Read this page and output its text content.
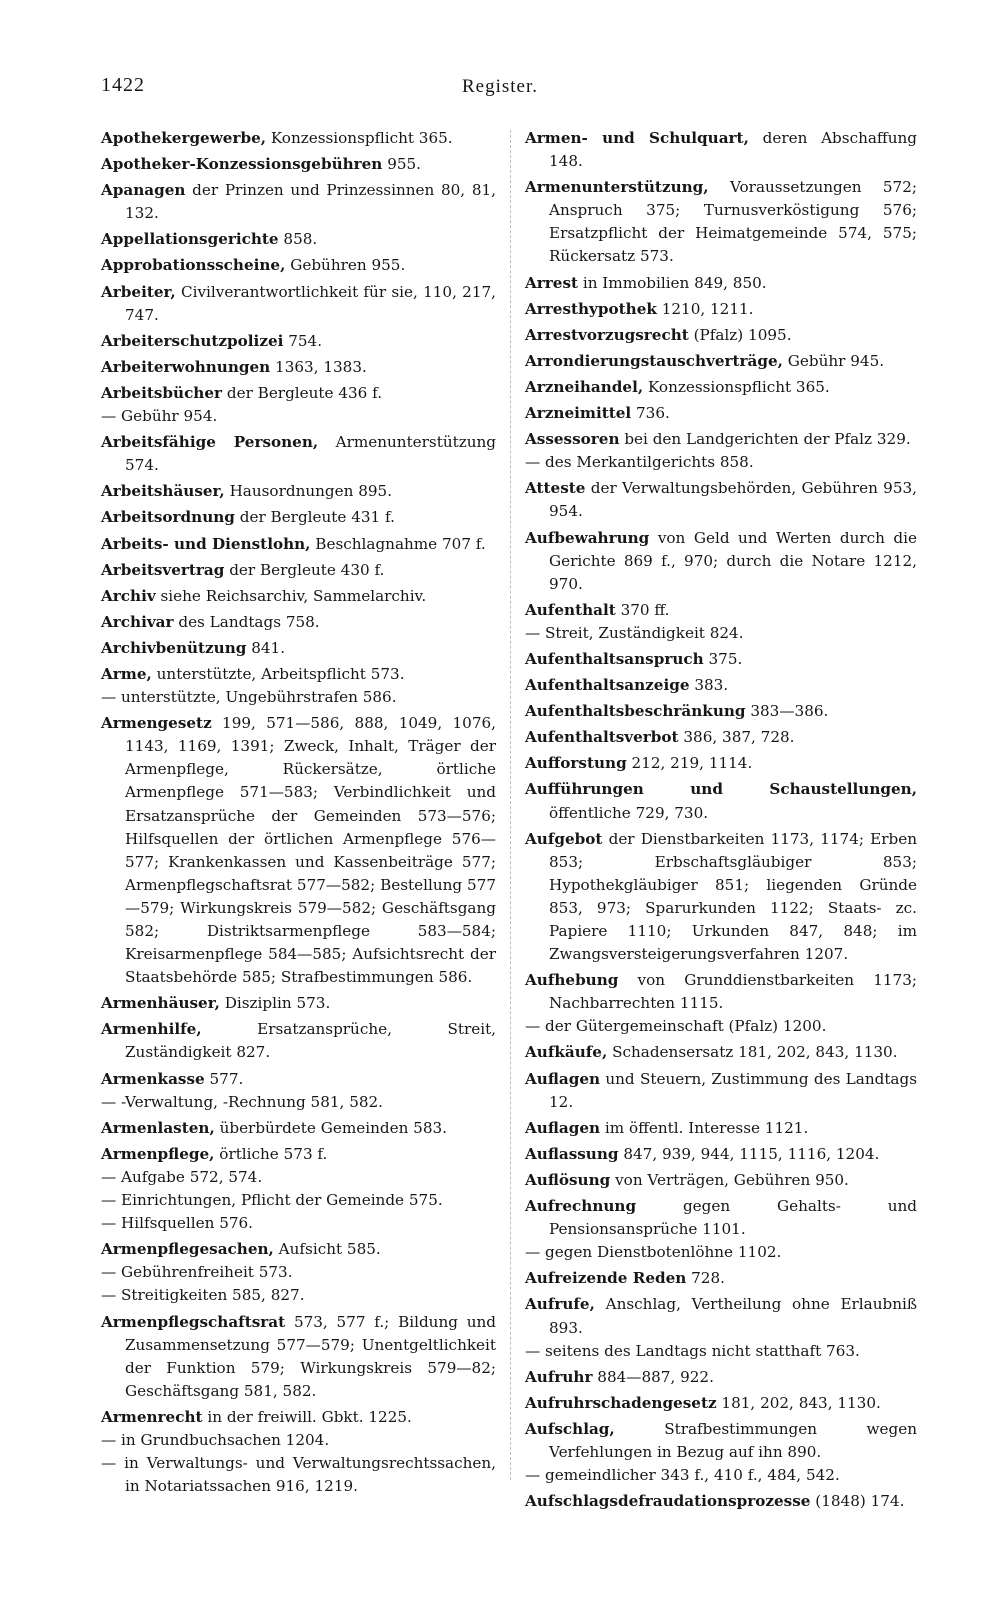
1422	Register.
Apothekergewerbe, Konzessionspflicht 365.
Apotheker-Konzessionsgebühren 955.
Apanagen der Prinzen und Prinzessinnen 80, 81, 132.
Appellationsgerichte 858.
Approbationsscheine, Gebühren 955.
Arbeiter, Civilverantwortlichkeit für sie, 110, 217, 747.
Arbeiterschutzpolizei 754.
Arbeiterwohnungen 1363, 1383.
Arbeitsbücher der Bergleute 436 f.
— Gebühr 954.
Arbeitsfähige Personen, Armenunterstützung 574.
Arbeitshäuser, Hausordnungen 895.
Arbeitsordnung der Bergleute 431 f.
Arbeits- und Dienstlohn, Beschlagnahme 707 f.
Arbeitsvertrag der Bergleute 430 f.
Archiv siehe Reichsarchiv, Sammelarchiv.
Archivar des Landtags 758.
Archivbenützung 841.
Arme, unterstützte, Arbeitspflicht 573.
— unterstützte, Ungebührstrafen 586.
Armengesetz 199, 571—586, 888, 1049, 1076, 1143, 1169, 1391; Zweck, Inhalt, Träger der Armenpflege, Rückersätze, örtliche Armenpflege 571—583; Verbindlichkeit und Ersatzansprüche der Gemeinden 573—576; Hilfsquellen der örtlichen Armenpflege 576—577; Krankenkassen und Kassenbeiträge 577; Armenpflegschaftsrat 577—582; Bestellung 577—579; Wirkungskreis 579—582; Geschäftsgang 582; Distriktsarmenpflege 583—584; Kreisarmenpflege 584—585; Aufsichtsrecht der Staatsbehörde 585; Strafbestimmungen 586.
Armenhäuser, Disziplin 573.
Armenhilfe,	Ersatzansprüche, Streit, Zuständigkeit 827.
Armenkasse 577.
— -Verwaltung, -Rechnung 581, 582.
Armenlasten, überbürdete Gemeinden 583.
Armenpflege, örtliche 573 f.
— Aufgabe 572, 574.
— Einrichtungen, Pflicht der Gemeinde 575.
— Hilfsquellen 576.
Armenpflegesachen, Aufsicht 585.
— Gebührenfreiheit 573.
— Streitigkeiten 585, 827.
Armenpflegschaftsrat 573, 577 f.; Bildung und Zusammensetzung 577—579; Unentgeltlichkeit der Funktion 579; Wirkungskreis 579—82; Geschäftsgang 581, 582.
Armenrecht in der freiwill. Gbkt. 1225.
— in Grundbuchsachen 1204.
— in Verwaltungs- und Verwaltungsrechtssachen, in Notariatssachen 916, 1219.
Armen- und Schulquart, deren Abschaffung 148.
Armenunterstützung, Voraussetzungen 572; Anspruch 375; Turnusverköstigung 576; Ersatzpflicht der Heimatgemeinde 574, 575; Rückersatz 573.
Arrest in Immobilien 849, 850.
Arresthypothek 1210, 1211.
Arrestvorzugsrecht (Pfalz) 1095.
Arrondierungstauschverträge, Gebühr 945.
Arzneihandel, Konzessionspflicht 365.
Arzneimittel 736.
Assessoren bei den Landgerichten der Pfalz 329.
— des Merkantilgerichts 858.
Atteste der Verwaltungsbehörden, Gebühren 953, 954.
Aufbewahrung von Geld und Werten durch die Gerichte 869 f., 970; durch die Notare 1212, 970.
Aufenthalt 370 ff.
— Streit, Zuständigkeit 824.
Aufenthaltsanspruch 375.
Aufenthaltsanzeige 383.
Aufenthaltsbeschränkung 383—386.
Aufenthaltsverbot 386, 387, 728.
Aufforstung 212, 219, 1114.
Aufführungen und Schaustellungen, öffentliche 729, 730.
Aufgebot der Dienstbarkeiten 1173, 1174; Erben 853; Erbschaftsgläubiger 853; Hypothekgläubiger 851; liegenden Gründe 853, 973; Sparurkunden 1122; Staats- zc. Papiere 1110; Urkunden 847, 848; im Zwangsversteigerungsverfahren 1207.
Aufhebung von Grunddienstbarkeiten 1173; Nachbarrechten 1115.
— der Gütergemeinschaft (Pfalz) 1200.
Aufkäufe, Schadensersatz 181, 202, 843, 1130.
Auflagen und Steuern, Zustimmung des Landtags 12.
Auflagen im öffentl. Interesse 1121.
Auflassung 847, 939, 944, 1115, 1116, 1204.
Auflösung von Verträgen, Gebühren 950.
Aufrechnung	gegen Gehalts- und Pensionsansprüche 1101.
— gegen Dienstbotenlöhne 1102.
Aufreizende Reden 728.
Aufrufe, Anschlag, Vertheilung ohne Erlaubniß 893.
— seitens des Landtags nicht statthaft 763.
Aufruhr 884—887, 922.
Aufruhrschadengesetz 181, 202, 843, 1130.
Aufschlag,	Strafbestimmungen wegen Verfehlungen in Bezug auf ihn 890.
— gemeindlicher 343 f., 410 f., 484, 542.
Aufschlagsdefraudationsprozesse (1848) 174.
